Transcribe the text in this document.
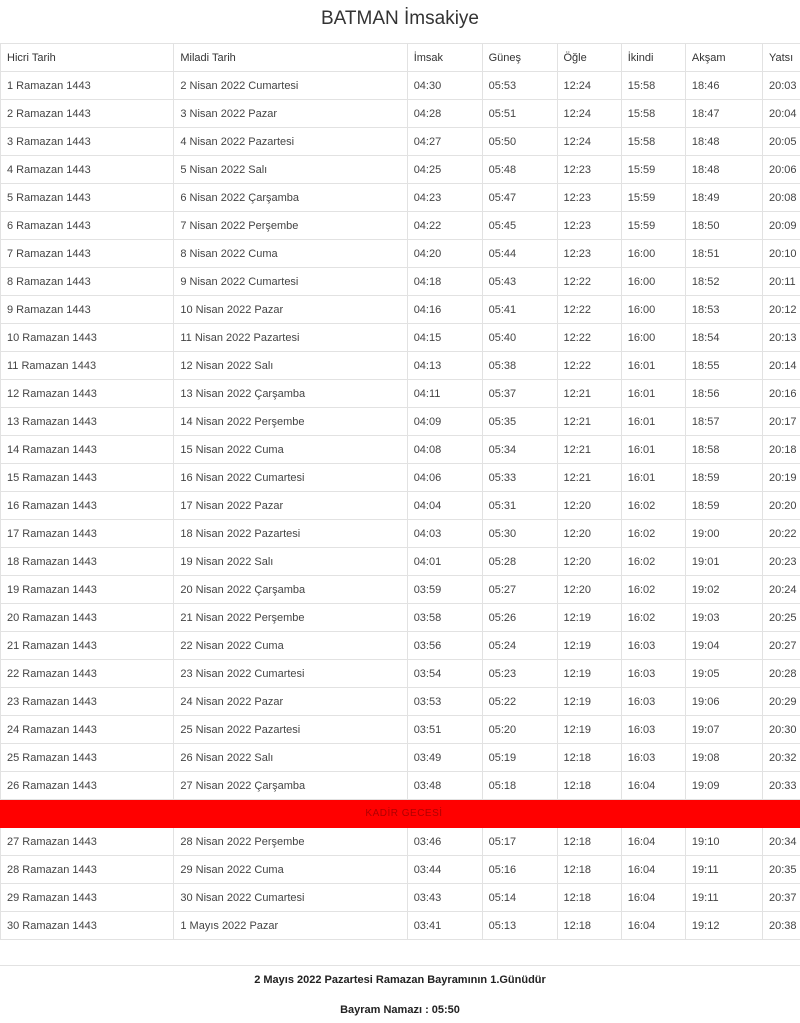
BATMAN İmsakiye
Hicri Tarih	Miladi Tarih	İmsak	Güneş	Öğle	İkindi	Akşam	Yatsı
1 Ramazan 1443	2 Nisan 2022 Cumartesi	04:30	05:53	12:24	15:58	18:46	20:03
2 Ramazan 1443	3 Nisan 2022 Pazar	04:28	05:51	12:24	15:58	18:47	20:04
3 Ramazan 1443	4 Nisan 2022 Pazartesi	04:27	05:50	12:24	15:58	18:48	20:05
4 Ramazan 1443	5 Nisan 2022 Salı	04:25	05:48	12:23	15:59	18:48	20:06
5 Ramazan 1443	6 Nisan 2022 Çarşamba	04:23	05:47	12:23	15:59	18:49	20:08
6 Ramazan 1443	7 Nisan 2022 Perşembe	04:22	05:45	12:23	15:59	18:50	20:09
7 Ramazan 1443	8 Nisan 2022 Cuma	04:20	05:44	12:23	16:00	18:51	20:10
8 Ramazan 1443	9 Nisan 2022 Cumartesi	04:18	05:43	12:22	16:00	18:52	20:11
9 Ramazan 1443	10 Nisan 2022 Pazar	04:16	05:41	12:22	16:00	18:53	20:12
10 Ramazan 1443	11 Nisan 2022 Pazartesi	04:15	05:40	12:22	16:00	18:54	20:13
11 Ramazan 1443	12 Nisan 2022 Salı	04:13	05:38	12:22	16:01	18:55	20:14
12 Ramazan 1443	13 Nisan 2022 Çarşamba	04:11	05:37	12:21	16:01	18:56	20:16
13 Ramazan 1443	14 Nisan 2022 Perşembe	04:09	05:35	12:21	16:01	18:57	20:17
14 Ramazan 1443	15 Nisan 2022 Cuma	04:08	05:34	12:21	16:01	18:58	20:18
15 Ramazan 1443	16 Nisan 2022 Cumartesi	04:06	05:33	12:21	16:01	18:59	20:19
16 Ramazan 1443	17 Nisan 2022 Pazar	04:04	05:31	12:20	16:02	18:59	20:20
17 Ramazan 1443	18 Nisan 2022 Pazartesi	04:03	05:30	12:20	16:02	19:00	20:22
18 Ramazan 1443	19 Nisan 2022 Salı	04:01	05:28	12:20	16:02	19:01	20:23
19 Ramazan 1443	20 Nisan 2022 Çarşamba	03:59	05:27	12:20	16:02	19:02	20:24
20 Ramazan 1443	21 Nisan 2022 Perşembe	03:58	05:26	12:19	16:02	19:03	20:25
21 Ramazan 1443	22 Nisan 2022 Cuma	03:56	05:24	12:19	16:03	19:04	20:27
22 Ramazan 1443	23 Nisan 2022 Cumartesi	03:54	05:23	12:19	16:03	19:05	20:28
23 Ramazan 1443	24 Nisan 2022 Pazar	03:53	05:22	12:19	16:03	19:06	20:29
24 Ramazan 1443	25 Nisan 2022 Pazartesi	03:51	05:20	12:19	16:03	19:07	20:30
25 Ramazan 1443	26 Nisan 2022 Salı	03:49	05:19	12:18	16:03	19:08	20:32
26 Ramazan 1443	27 Nisan 2022 Çarşamba	03:48	05:18	12:18	16:04	19:09	20:33
KADİR GECESİ							
27 Ramazan 1443	28 Nisan 2022 Perşembe	03:46	05:17	12:18	16:04	19:10	20:34
28 Ramazan 1443	29 Nisan 2022 Cuma	03:44	05:16	12:18	16:04	19:11	20:35
29 Ramazan 1443	30 Nisan 2022 Cumartesi	03:43	05:14	12:18	16:04	19:11	20:37
30 Ramazan 1443	1 Mayıs 2022 Pazar	03:41	05:13	12:18	16:04	19:12	20:38
2 Mayıs 2022 Pazartesi Ramazan Bayramının 1.Günüdür
Bayram Namazı : 05:50
